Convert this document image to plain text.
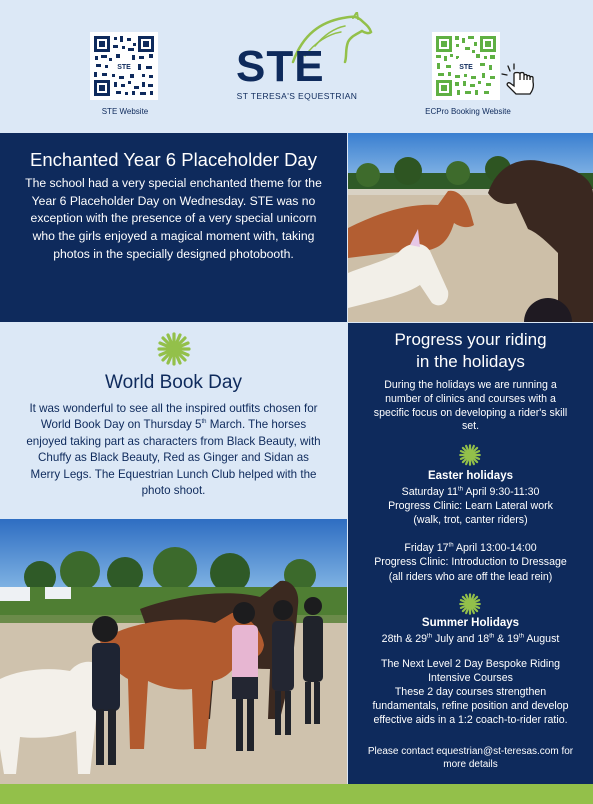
STE
STE Website
STE
ST TERESA'S EQUESTRIAN
STE
ECPro Booking Website
Enchanted Year 6 Placeholder Day
The school had a very special enchanted theme for the Year 6 Placeholder Day on Wednesday. STE was no exception with the presence of a very special unicorn who the girls enjoyed a magical moment with, taking photos in the specially designed photobooth.
World Book Day
It was wonderful to see all the inspired outfits chosen for World Book Day on Thursday 5th March. The horses enjoyed taking part as characters from Black Beauty, with Chuffy as Black Beauty, Red as Ginger and Sidan as Merry Legs. The Equestrian Lunch Club helped with the photo shoot.
Progress your riding
in the holidays
During the holidays we are running a number of clinics and courses with a specific focus on developing a rider's skill set.
Easter holidays
Saturday 11th April 9:30-11:30
Progress Clinic: Learn Lateral work
(walk, trot, canter riders)
Friday 17th April 13:00-14:00
Progress Clinic: Introduction to Dressage
(all riders who are off the lead rein)
Summer Holidays
28th & 29th July and 18th & 19th August
The Next Level 2 Day Bespoke Riding Intensive Courses
These 2 day courses strengthen fundamentals, refine position and develop effective aids in a 1:2 coach-to-rider ratio.
Please contact equestrian@st-teresas.com for more details
